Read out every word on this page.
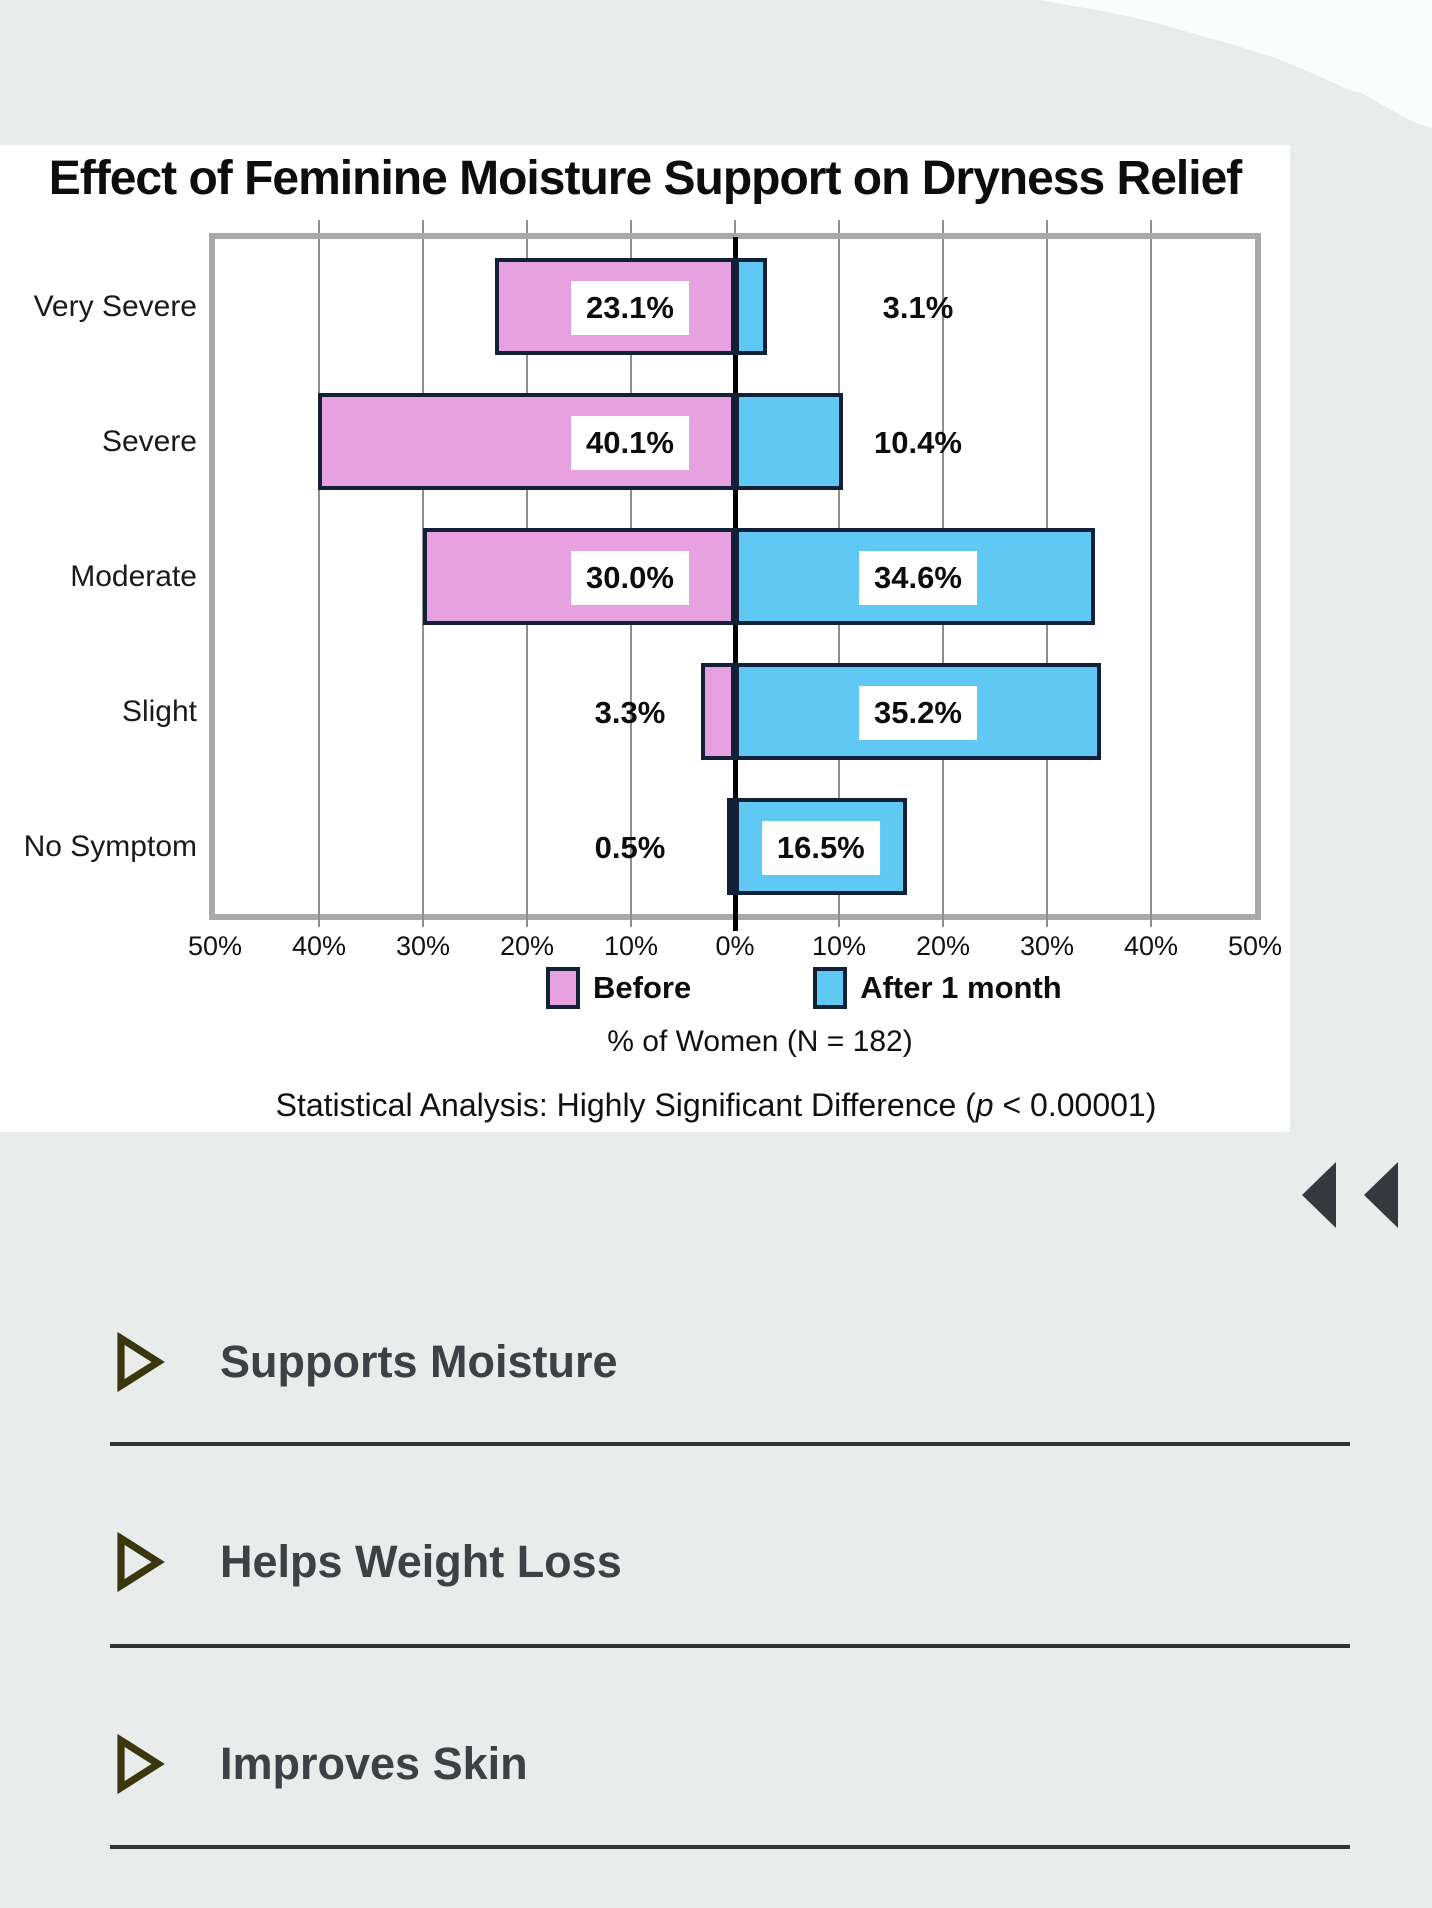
Effect of Feminine Moisture Support on Dryness Relief
23.1%	3.1%
40.1%	10.4%
30.0%	34.6%
3.3%	35.2%
0.5%	16.5%
Before	After 1 month
% of Women (N = 182)
Statistical Analysis: Highly Significant Difference (p < 0.00001)
50% 40% 30% 20% 10% 0% 10% 20% 30% 40% 50%
Very Severe
Severe
Moderate
Slight
No Symptom
Supports Moisture
Helps Weight Loss
Improves Skin
